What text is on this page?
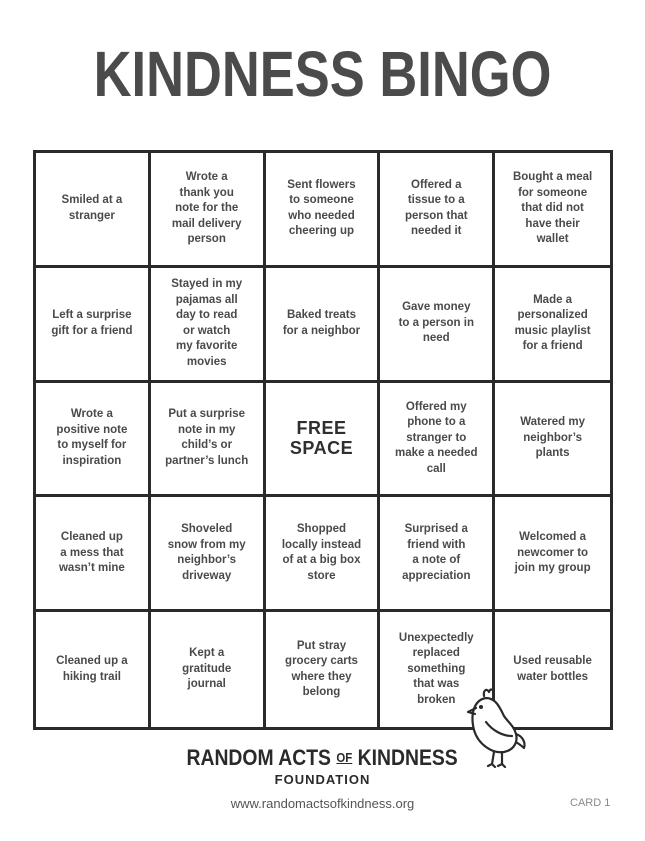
KINDNESS BINGO
Smiled at a
stranger
Wrote a
thank you
note for the
mail delivery
person
Sent flowers
to someone
who needed
cheering up
Offered a
tissue to a
person that
needed it
Bought a meal
for someone
that did not
have their
wallet
Left a surprise
gift for a friend
Stayed in my
pajamas all
day to read
or watch
my favorite
movies
Baked treats
for a neighbor
Gave money
to a person in
need
Made a
personalized
music playlist
for a friend
Wrote a
positive note
to myself for
inspiration
Put a surprise
note in my
child’s or
partner’s lunch
FREE
SPACE
Offered my
phone to a
stranger to
make a needed
call
Watered my
neighbor’s
plants
Cleaned up
a mess that
wasn’t mine
Shoveled
snow from my
neighbor’s
driveway
Shopped
locally instead
of at a big box
store
Surprised a
friend with
a note of
appreciation
Welcomed a
newcomer to
join my group
Cleaned up a
hiking trail
Kept a
gratitude
journal
Put stray
grocery carts
where they
belong
Unexpectedly
replaced
something
that was
broken
Used reusable
water bottles
RANDOM ACTS OF KINDNESS
FOUNDATION
www.randomactsofkindness.org	CARD 1
